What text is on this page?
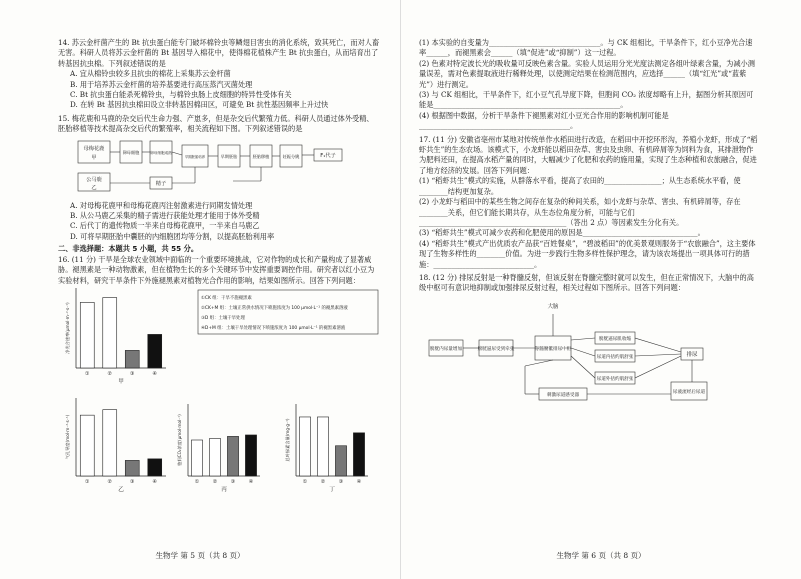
14. 苏云金杆菌产生的 Bt 抗虫蛋白能专门破坏棉铃虫等鳞翅目害虫的消化系统，致其死亡，而对人畜无害。科研人员将苏云金杆菌的 Bt 基因导入棉花中，使得棉花植株产生 Bt 抗虫蛋白，从而培育出了转基因抗虫棉。下列叙述错误的是

A. 宜从棉铃虫较多且抗虫的棉花上采集苏云金杆菌

B. 用于培养苏云金杆菌的培养基要进行高压蒸汽灭菌处理

C. Bt 抗虫蛋白能杀死棉铃虫，与棉铃虫肠上皮细胞的特异性受体有关

D. 在转 Bt 基因抗虫棉田设立非转基因棉田区，可避免 Bt 抗性基因频率上升过快

15. 梅花鹿和马鹿的杂交后代生命力强、产崽多，但是杂交后代繁殖力低。科研人员通过体外受精、胚胎移植等技术提高杂交后代的繁殖率，相关流程如下图。下列叙述错误的是

母梅花鹿
甲
卵母细胞	卵母细胞成熟
早期胚胎培养	早期胚胎	胚胎移植	妊娠分娩	F₁代子
公马鹿
乙
精子

A. 对母梅花鹿甲和母梅花鹿丙注射激素进行同期发情处理

B. 从公马鹿乙采集的精子需进行获能处理才能用于体外受精

C. 后代丁的遗传物质一半来自母梅花鹿甲，一半来自马鹿乙

D. 可将早期胚胎中囊胚的内细胞团均等分割，以提高胚胎利用率

二、非选择题：本题共 5 小题，共 55 分。

16. (11 分) 干旱是全球农业领域中面临的一个重要环境挑战，它对作物的成长和产量构成了显著威胁。褪黑素是一种动物激素，但在植物生长的多个关键环节中发挥重要调控作用。研究者以红小豆为实验材料，研究干旱条件下外施褪黑素对植物光合作用的影响，结果如图所示。回答下列问题：

①CK 组：干旱不施褪黑素
②CK+M 组：土壤正常供水情况下喷施浓度为 100 μmol·L⁻¹ 的褪黑素溶液
③D 组：土壤干旱处理
④D+M 组：土壤干旱处理情况下喷施浓度为 100 μmol·L⁻¹ 的褪黑素溶液
①	②	③	④
甲
净光合速率(μmol·m⁻²·s⁻¹)
①	②	③	④
乙
气孔导度(mol·m⁻²·s⁻¹)
①	②	③	④
丙
胞间CO₂浓度(μmol·mol⁻¹)
①	②	③	④
丁
总叶绿素含量(mg·g⁻¹)
生物学 第 5 页（共 8 页）

(1) 本实验的自变量为_______________________________。与 CK 组相比，干旱条件下，红小豆净光合速率______，而褪黑素会______（填“促进”或“抑制”）这一过程。

(2) 色素对特定波长光的吸收量可反映色素含量。实验人员运用分光光度法测定各组叶绿素含量，为减小测量误差，需对色素提取液进行稀释处理，以使测定结果在检测范围内，应选择______（填“红光”或“蓝紫光”）进行测定。

(3) 与 CK 组相比，干旱条件下，红小豆气孔导度下降，但胞间 CO₂ 浓度却略有上升，据图分析其原因可能是____________________________________________________。

(4) 根据图中数据，分析干旱条件下褪黑素对红小豆光合作用的影响机制可能是__________________________________________。

17. (11 分) 安徽省亳州市某地对传统单作水稻田进行改造，在稻田中开挖环形沟，养殖小龙虾，形成了“稻虾共生”的生态农场。该模式下，小龙虾能以稻田杂草、害虫及虫卵、有机碎屑等为饲料为食，其排泄物作为肥料还田，在提高水稻产量的同时，大幅减少了化肥和农药的施用量，实现了生态种植和农旅融合，促进了地方经济的发展。回答下列问题：

(1) “稻虾共生”模式的实施，从群落水平看，提高了农田的________________；从生态系统水平看，使________结构更加复杂。

(2) 小龙虾与稻田中的某些生物之间存在复杂的种间关系，如小龙虾与杂草、害虫、有机碎屑等，存在________关系，但它们能长期共存，从生态位角度分析，可能与它们_________________________________________（答出 2 点）等因素发生分化有关。

(3) “稻虾共生”模式可减少农药和化肥使用的原因是________________________________。

(4) “稻虾共生”模式产出优质农产品获“百姓餐桌”，“碧波稻田”的优美景观则服务于“农旅融合”，这主要体现了生物多样性的________价值。为进一步践行生物多样性保护理念，请为该农场提出一项具体可行的措施：____________________________。

18. (12 分) 排尿反射是一种脊髓反射，但该反射在脊髓完整时就可以发生，但在正常情况下，大脑中的高级中枢可有意识地抑制或加强排尿反射过程，相关过程如下图所示。回答下列问题：

大脑
膀胱内尿量增加	膀胱逼尿受到牵张	脊髓腰骶排尿中枢
膀胱逼尿肌收缩
尿道内括约肌舒张
尿道外括约肌舒张
排尿
刺激尿道感受器
尿液流经后尿道
生物学 第 6 页（共 8 页）
